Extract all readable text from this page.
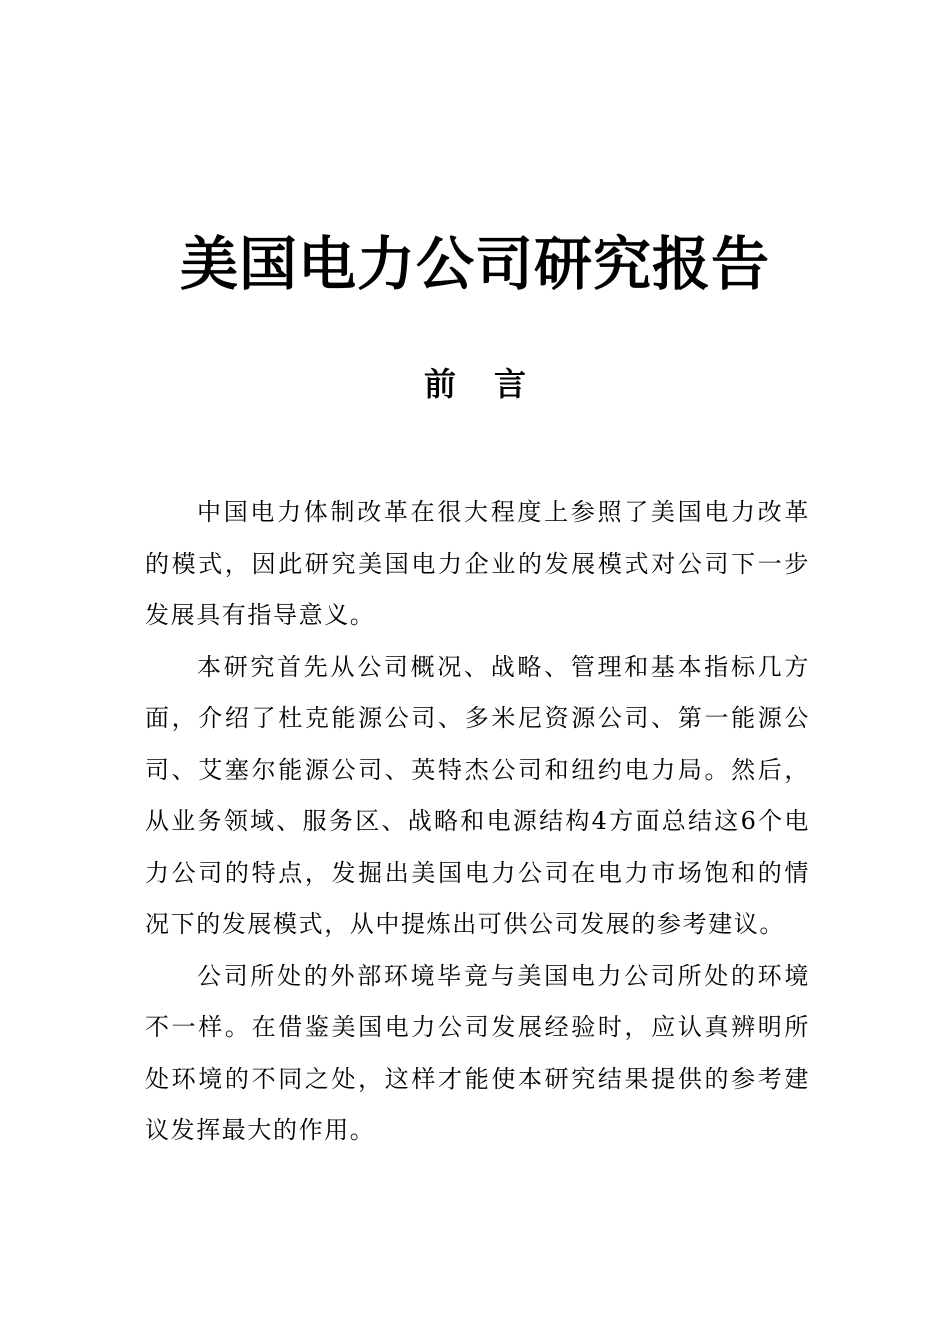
美国电力公司研究报告
前言

中国电力体制改革在很大程度上参照了美国电力改革的模式，因此研究美国电力企业的发展模式对公司下一步发展具有指导意义。

本研究首先从公司概况、战略、管理和基本指标几方面，介绍了杜克能源公司、多米尼资源公司、第一能源公司、艾塞尔能源公司、英特杰公司和纽约电力局。然后，从业务领域、服务区、战略和电源结构4方面总结这6个电力公司的特点，发掘出美国电力公司在电力市场饱和的情况下的发展模式，从中提炼出可供公司发展的参考建议。

公司所处的外部环境毕竟与美国电力公司所处的环境不一样。在借鉴美国电力公司发展经验时，应认真辨明所处环境的不同之处，这样才能使本研究结果提供的参考建议发挥最大的作用。
